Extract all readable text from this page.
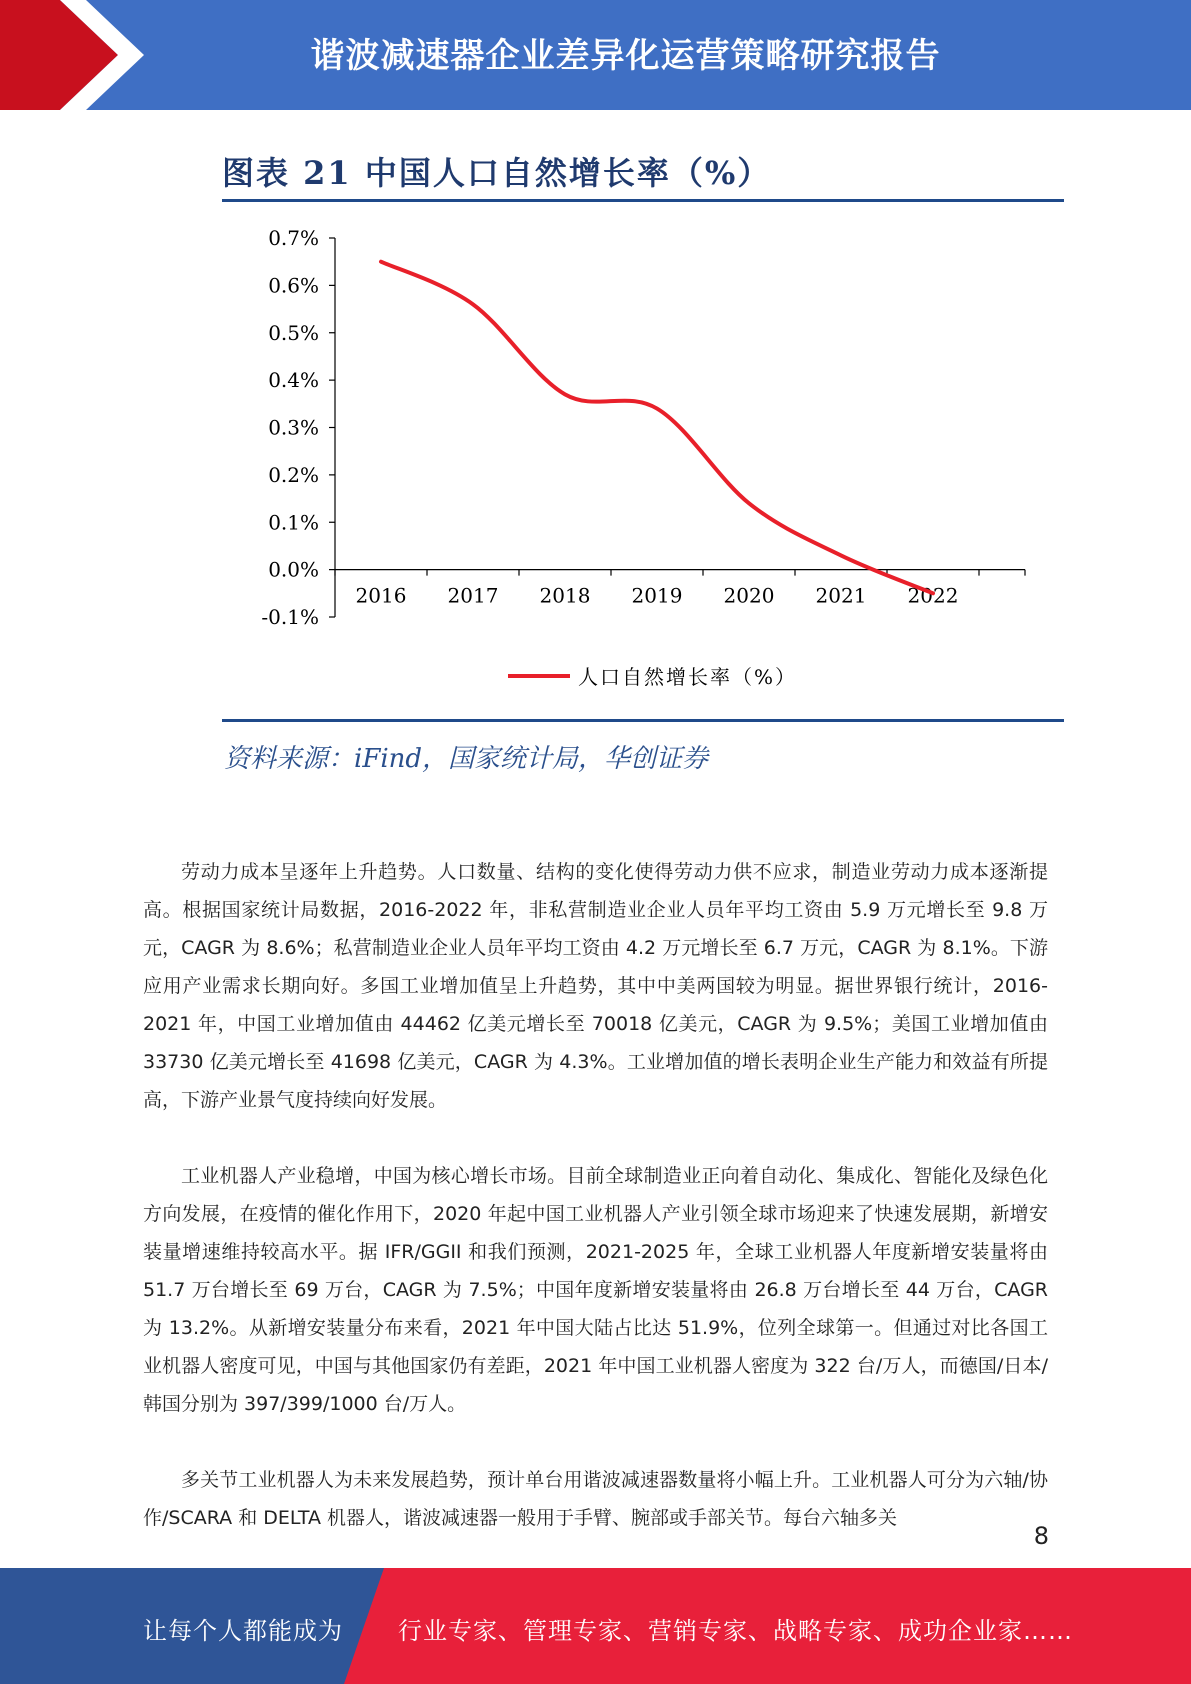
谐波减速器企业差异化运营策略研究报告
图表 21 中国人口自然增长率（%）
0.7%
0.6%
0.5%
0.4%
0.3%
0.2%
0.1%
0.0%
-0.1%
2016 2017 2018 2019 2020 2021 2022
人口自然增长率（%）
资料来源：iFind，国家统计局，华创证券

劳动力成本呈逐年上升趋势。人口数量、结构的变化使得劳动力供不应求，制造业劳动力成本逐渐提高。根据国家统计局数据，2016-2022 年，非私营制造业企业人员年平均工资由 5.9 万元增长至 9.8 万元，CAGR 为 8.6%；私营制造业企业人员年平均工资由 4.2 万元增长至 6.7 万元，CAGR 为 8.1%。下游应用产业需求长期向好。多国工业增加值呈上升趋势，其中中美两国较为明显。据世界银行统计，2016-2021 年，中国工业增加值由 44462 亿美元增长至 70018 亿美元，CAGR 为 9.5%；美国工业增加值由 33730 亿美元增长至 41698 亿美元，CAGR 为 4.3%。工业增加值的增长表明企业生产能力和效益有所提高，下游产业景气度持续向好发展。

工业机器人产业稳增，中国为核心增长市场。目前全球制造业正向着自动化、集成化、智能化及绿色化方向发展，在疫情的催化作用下，2020 年起中国工业机器人产业引领全球市场迎来了快速发展期，新增安装量增速维持较高水平。据 IFR/GGII 和我们预测，2021-2025 年，全球工业机器人年度新增安装量将由 51.7 万台增长至 69 万台，CAGR 为 7.5%；中国年度新增安装量将由 26.8 万台增长至 44 万台，CAGR 为 13.2%。从新增安装量分布来看，2021 年中国大陆占比达 51.9%，位列全球第一。但通过对比各国工业机器人密度可见，中国与其他国家仍有差距，2021 年中国工业机器人密度为 322 台/万人，而德国/日本/韩国分别为 397/399/1000 台/万人。

多关节工业机器人为未来发展趋势，预计单台用谐波减速器数量将小幅上升。工业机器人可分为六轴/协作/SCARA 和 DELTA 机器人，谐波减速器一般用于手臂、腕部或手部关节。每台六轴多关

8
让每个人都能成为 行业专家、管理专家、营销专家、战略专家、成功企业家……
